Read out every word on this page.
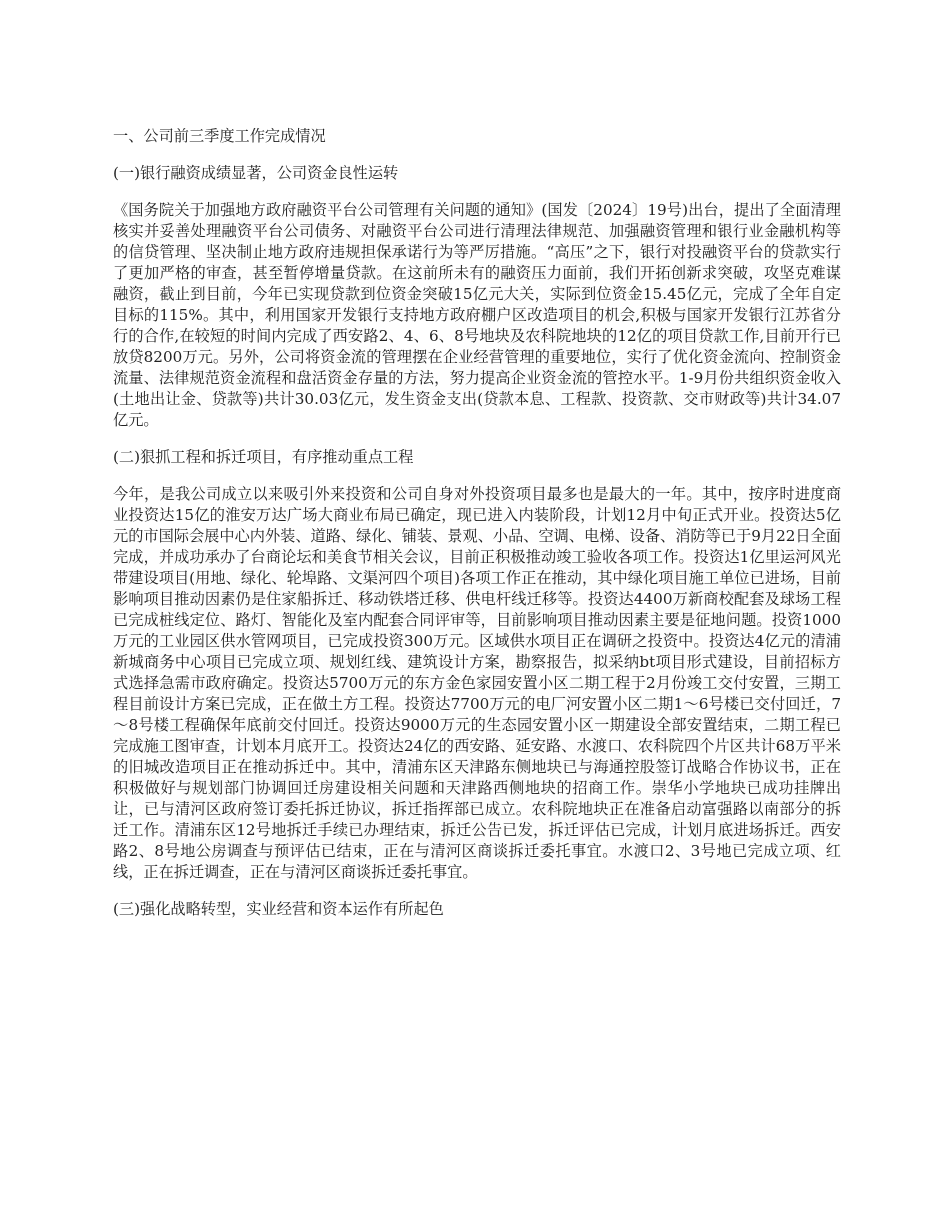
一、公司前三季度工作完成情况
(一)银行融资成绩显著，公司资金良性运转
《国务院关于加强地方政府融资平台公司管理有关问题的通知》(国发〔2024〕19号)出台，提出了全面清理核实并妥善处理融资平台公司债务、对融资平台公司进行清理法律规范、加强融资管理和银行业金融机构等的信贷管理、坚决制止地方政府违规担保承诺行为等严厉措施。“高压”之下，银行对投融资平台的贷款实行了更加严格的审查，甚至暂停增量贷款。在这前所未有的融资压力面前，我们开拓创新求突破，攻坚克难谋融资，截止到目前，今年已实现贷款到位资金突破15亿元大关，实际到位资金15.45亿元，完成了全年自定目标的115%。其中，利用国家开发银行支持地方政府棚户区改造项目的机会,积极与国家开发银行江苏省分行的合作,在较短的时间内完成了西安路2、4、6、8号地块及农科院地块的12亿的项目贷款工作,目前开行已放贷8200万元。另外，公司将资金流的管理摆在企业经营管理的重要地位，实行了优化资金流向、控制资金流量、法律规范资金流程和盘活资金存量的方法，努力提高企业资金流的管控水平。1-9月份共组织资金收入(土地出让金、贷款等)共计30.03亿元，发生资金支出(贷款本息、工程款、投资款、交市财政等)共计34.07亿元。
(二)狠抓工程和拆迁项目，有序推动重点工程
今年，是我公司成立以来吸引外来投资和公司自身对外投资项目最多也是最大的一年。其中，按序时进度商业投资达15亿的淮安万达广场大商业布局已确定，现已进入内装阶段，计划12月中旬正式开业。投资达5亿元的市国际会展中心内外装、道路、绿化、铺装、景观、小品、空调、电梯、设备、消防等已于9月22日全面完成，并成功承办了台商论坛和美食节相关会议，目前正积极推动竣工验收各项工作。投资达1亿里运河风光带建设项目(用地、绿化、轮埠路、文渠河四个项目)各项工作正在推动，其中绿化项目施工单位已进场，目前影响项目推动因素仍是住家船拆迁、移动铁塔迁移、供电杆线迁移等。投资达4400万新商校配套及球场工程已完成桩线定位、路灯、智能化及室内配套合同评审等，目前影响项目推动因素主要是征地问题。投资1000万元的工业园区供水管网项目，已完成投资300万元。区域供水项目正在调研之投资中。投资达4亿元的清浦新城商务中心项目已完成立项、规划红线、建筑设计方案，勘察报告，拟采纳bt项目形式建设，目前招标方式选择急需市政府确定。投资达5700万元的东方金色家园安置小区二期工程于2月份竣工交付安置，三期工程目前设计方案已完成，正在做土方工程。投资达7700万元的电厂河安置小区二期1～6号楼已交付回迁，7～8号楼工程确保年底前交付回迁。投资达9000万元的生态园安置小区一期建设全部安置结束，二期工程已完成施工图审查，计划本月底开工。投资达24亿的西安路、延安路、水渡口、农科院四个片区共计68万平米的旧城改造项目正在推动拆迁中。其中，清浦东区天津路东侧地块已与海通控股签订战略合作协议书，正在积极做好与规划部门协调回迁房建设相关问题和天津路西侧地块的招商工作。崇华小学地块已成功挂牌出让，已与清河区政府签订委托拆迁协议，拆迁指挥部已成立。农科院地块正在准备启动富强路以南部分的拆迁工作。清浦东区12号地拆迁手续已办理结束，拆迁公告已发，拆迁评估已完成，计划月底进场拆迁。西安路2、8号地公房调查与预评估已结束，正在与清河区商谈拆迁委托事宜。水渡口2、3号地已完成立项、红线，正在拆迁调查，正在与清河区商谈拆迁委托事宜。
(三)强化战略转型，实业经营和资本运作有所起色
